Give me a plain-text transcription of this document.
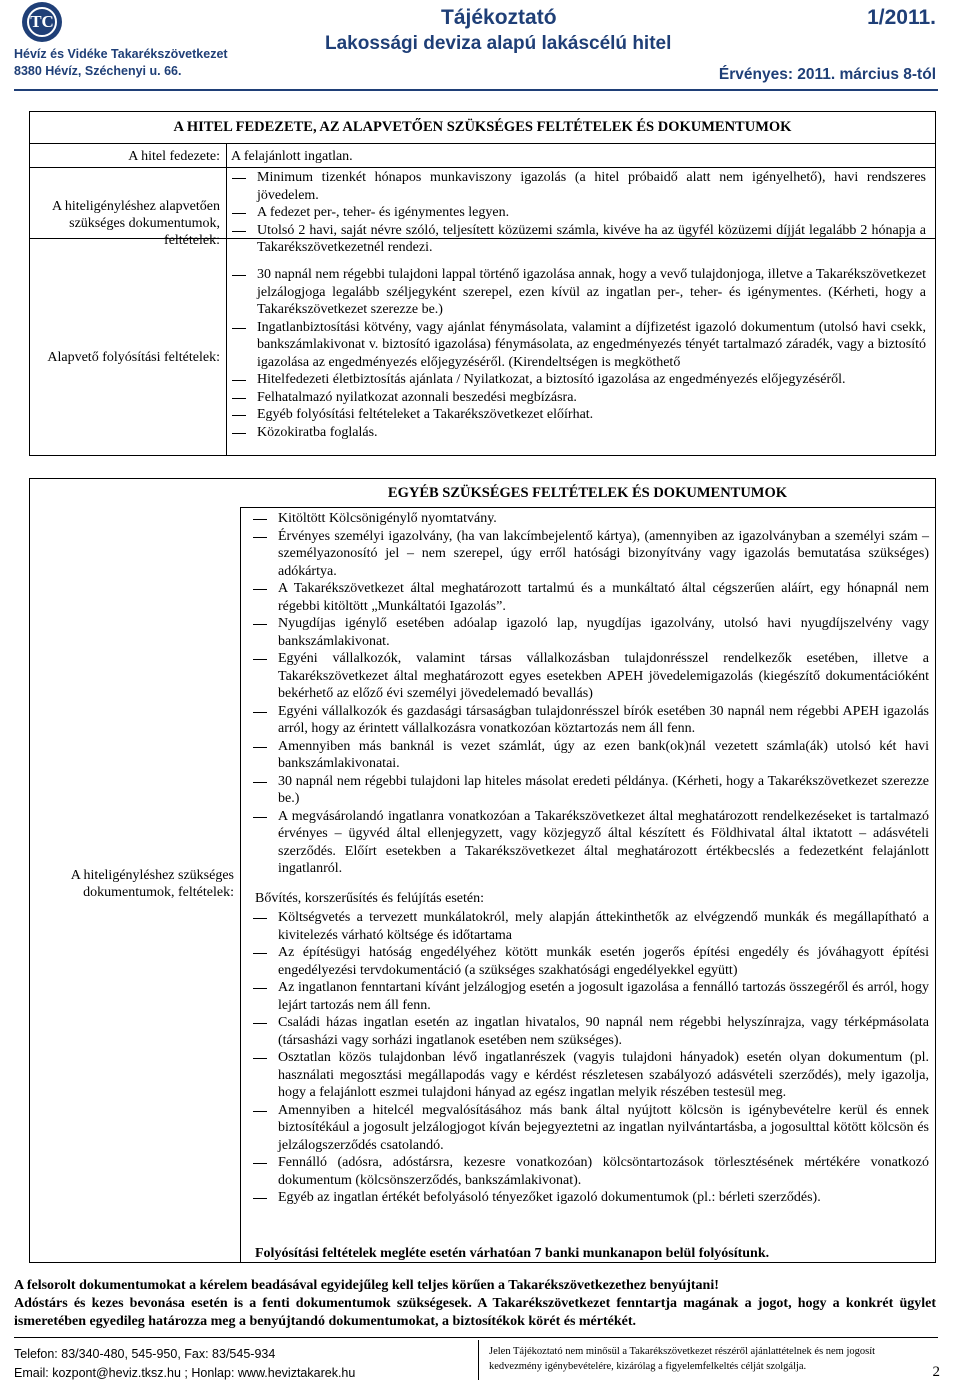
TC
Hévíz és Vidéke Takarékszövetkezet
8380 Hévíz, Széchenyi u. 66.
Tájékoztató	1/2011.
Lakossági deviza alapú lakáscélú hitel
Érvényes: 2011. március 8-tól
A HITEL FEDEZETE, AZ ALAPVETŐEN SZÜKSÉGES FELTÉTELEK ÉS DOKUMENTUMOK
A hitel fedezete: A felajánlott ingatlan.
A hiteligényléshez alapvetően szükséges dokumentumok, feltételek:
Minimum tizenkét hónapos munkaviszony igazolás (a hitel próbaidő alatt nem igényelhető), havi rendszeres jövedelem.
A fedezet per-, teher- és igénymentes legyen.
Utolsó 2 havi, saját névre szóló, teljesített közüzemi számla, kivéve ha az ügyfél közüzemi díjját legalább 2 hónapja a Takarékszövetkezetnél rendezi.
Alapvető folyósítási feltételek:
30 napnál nem régebbi tulajdoni lappal történő igazolása annak, hogy a vevő tulajdonjoga, illetve a Takarékszövetkezet jelzálogjoga legalább széljegyként szerepel, ezen kívül az ingatlan per-, teher- és igénymentes. (Kérheti, hogy a Takarékszövetkezet szerezze be.)
Ingatlanbiztosítási kötvény, vagy ajánlat fénymásolata, valamint a díjfizetést igazoló dokumentum (utolsó havi csekk, bankszámlakivonat v. biztosító igazolása) fénymásolata, az engedményezés tényét tartalmazó záradék, vagy a biztosító igazolása az engedményezés előjegyzéséről. (Kirendeltségen is megköthető
Hitelfedezeti életbiztosítás ajánlata / Nyilatkozat, a biztosító igazolása az engedményezés előjegyzéséről.
Felhatalmazó nyilatkozat azonnali beszedési megbízásra.
Egyéb folyósítási feltételeket a Takarékszövetkezet előírhat.
Közokiratba foglalás.
EGYÉB SZÜKSÉGES FELTÉTELEK ÉS DOKUMENTUMOK
A hiteligényléshez szükséges dokumentumok, feltételek:
Kitöltött Kölcsönigénylő nyomtatvány.
Érvényes személyi igazolvány, (ha van lakcímbejelentő kártya), (amennyiben az igazolványban a személyi szám – személyazonosító jel – nem szerepel, úgy erről hatósági bizonyítvány vagy igazolás bemutatása szükséges) adókártya.
A Takarékszövetkezet által meghatározott tartalmú és a munkáltató által cégszerűen aláírt, egy hónapnál nem régebbi kitöltött „Munkáltatói Igazolás”.
Nyugdíjas igénylő esetében adóalap igazoló lap, nyugdíjas igazolvány, utolsó havi nyugdíjszelvény vagy bankszámlakivonat.
Egyéni vállalkozók, valamint társas vállalkozásban tulajdonrésszel rendelkezők esetében, illetve a Takarékszövetkezet által meghatározott egyes esetekben APEH jövedelemigazolás (kiegészítő dokumentációként bekérhető az előző évi személyi jövedelemadó bevallás)
Egyéni vállalkozók és gazdasági társaságban tulajdonrésszel bírók esetében 30 napnál nem régebbi APEH igazolás arról, hogy az érintett vállalkozásra vonatkozóan köztartozás nem áll fenn.
Amennyiben más banknál is vezet számlát, úgy az ezen bank(ok)nál vezetett számla(ák) utolsó két havi bankszámlakivonatai.
30 napnál nem régebbi tulajdoni lap hiteles másolat eredeti példánya. (Kérheti, hogy a Takarékszövetkezet szerezze be.)
A megvásárolandó ingatlanra vonatkozóan a Takarékszövetkezet által meghatározott rendelkezéseket is tartalmazó érvényes – ügyvéd által ellenjegyzett, vagy közjegyző által készített és Földhivatal által iktatott – adásvételi szerződés. Előírt esetekben a Takarékszövetkezet által meghatározott értékbecslés a fedezetként felajánlott ingatlanról.
Bővítés, korszerűsítés és felújítás esetén:
Költségvetés a tervezett munkálatokról, mely alapján áttekinthetők az elvégzendő munkák és megállapítható a kivitelezés várható költsége és időtartama
Az építésügyi hatóság engedélyéhez kötött munkák esetén jogerős építési engedély és jóváhagyott építési engedélyezési tervdokumentáció (a szükséges szakhatósági engedélyekkel együtt)
Az ingatlanon fenntartani kívánt jelzálogjog esetén a jogosult igazolása a fennálló tartozás összegéről és arról, hogy lejárt tartozás nem áll fenn.
Családi házas ingatlan esetén az ingatlan hivatalos, 90 napnál nem régebbi helyszínrajza, vagy térképmásolata (társasházi vagy sorházi ingatlanok esetében nem szükséges).
Osztatlan közös tulajdonban lévő ingatlanrészek (vagyis tulajdoni hányadok) esetén olyan dokumentum (pl. használati megosztási megállapodás vagy e kérdést részletesen szabályozó adásvételi szerződés), mely igazolja, hogy a felajánlott eszmei tulajdoni hányad az egész ingatlan melyik részében testesül meg.
Amennyiben a hitelcél megvalósításához más bank által nyújtott kölcsön is igénybevételre kerül és ennek biztosítékául a jogosult jelzálogjogot kíván bejegyeztetni az ingatlan nyilvántartásba, a jogosulttal kötött kölcsön és jelzálogszerződés csatolandó.
Fennálló (adósra, adóstársra, kezesre vonatkozóan) kölcsöntartozások törlesztésének mértékére vonatkozó dokumentum (kölcsönszerződés, bankszámlakivonat).
Egyéb az ingatlan értékét befolyásoló tényezőket igazoló dokumentumok (pl.: bérleti szerződés).
Folyósítási feltételek megléte esetén várhatóan 7 banki munkanapon belül folyósítunk.
A felsorolt dokumentumokat a kérelem beadásával egyidejűleg kell teljes körűen a Takarékszövetkezethez benyújtani!
Adóstárs és kezes bevonása esetén is a fenti dokumentumok szükségesek. A Takarékszövetkezet fenntartja magának a jogot, hogy a konkrét ügylet ismeretében egyedileg határozza meg a benyújtandó dokumentumokat, a biztosítékok körét és mértékét.
Telefon: 83/340-480, 545-950, Fax: 83/545-934
Email: kozpont@heviz.tksz.hu ; Honlap: www.heviztakarek.hu
Jelen Tájékoztató nem minősül a Takarékszövetkezet részéről ajánlattételnek és nem jogosít kedvezmény igénybevételére, kizárólag a figyelemfelkeltés célját szolgálja.	2
